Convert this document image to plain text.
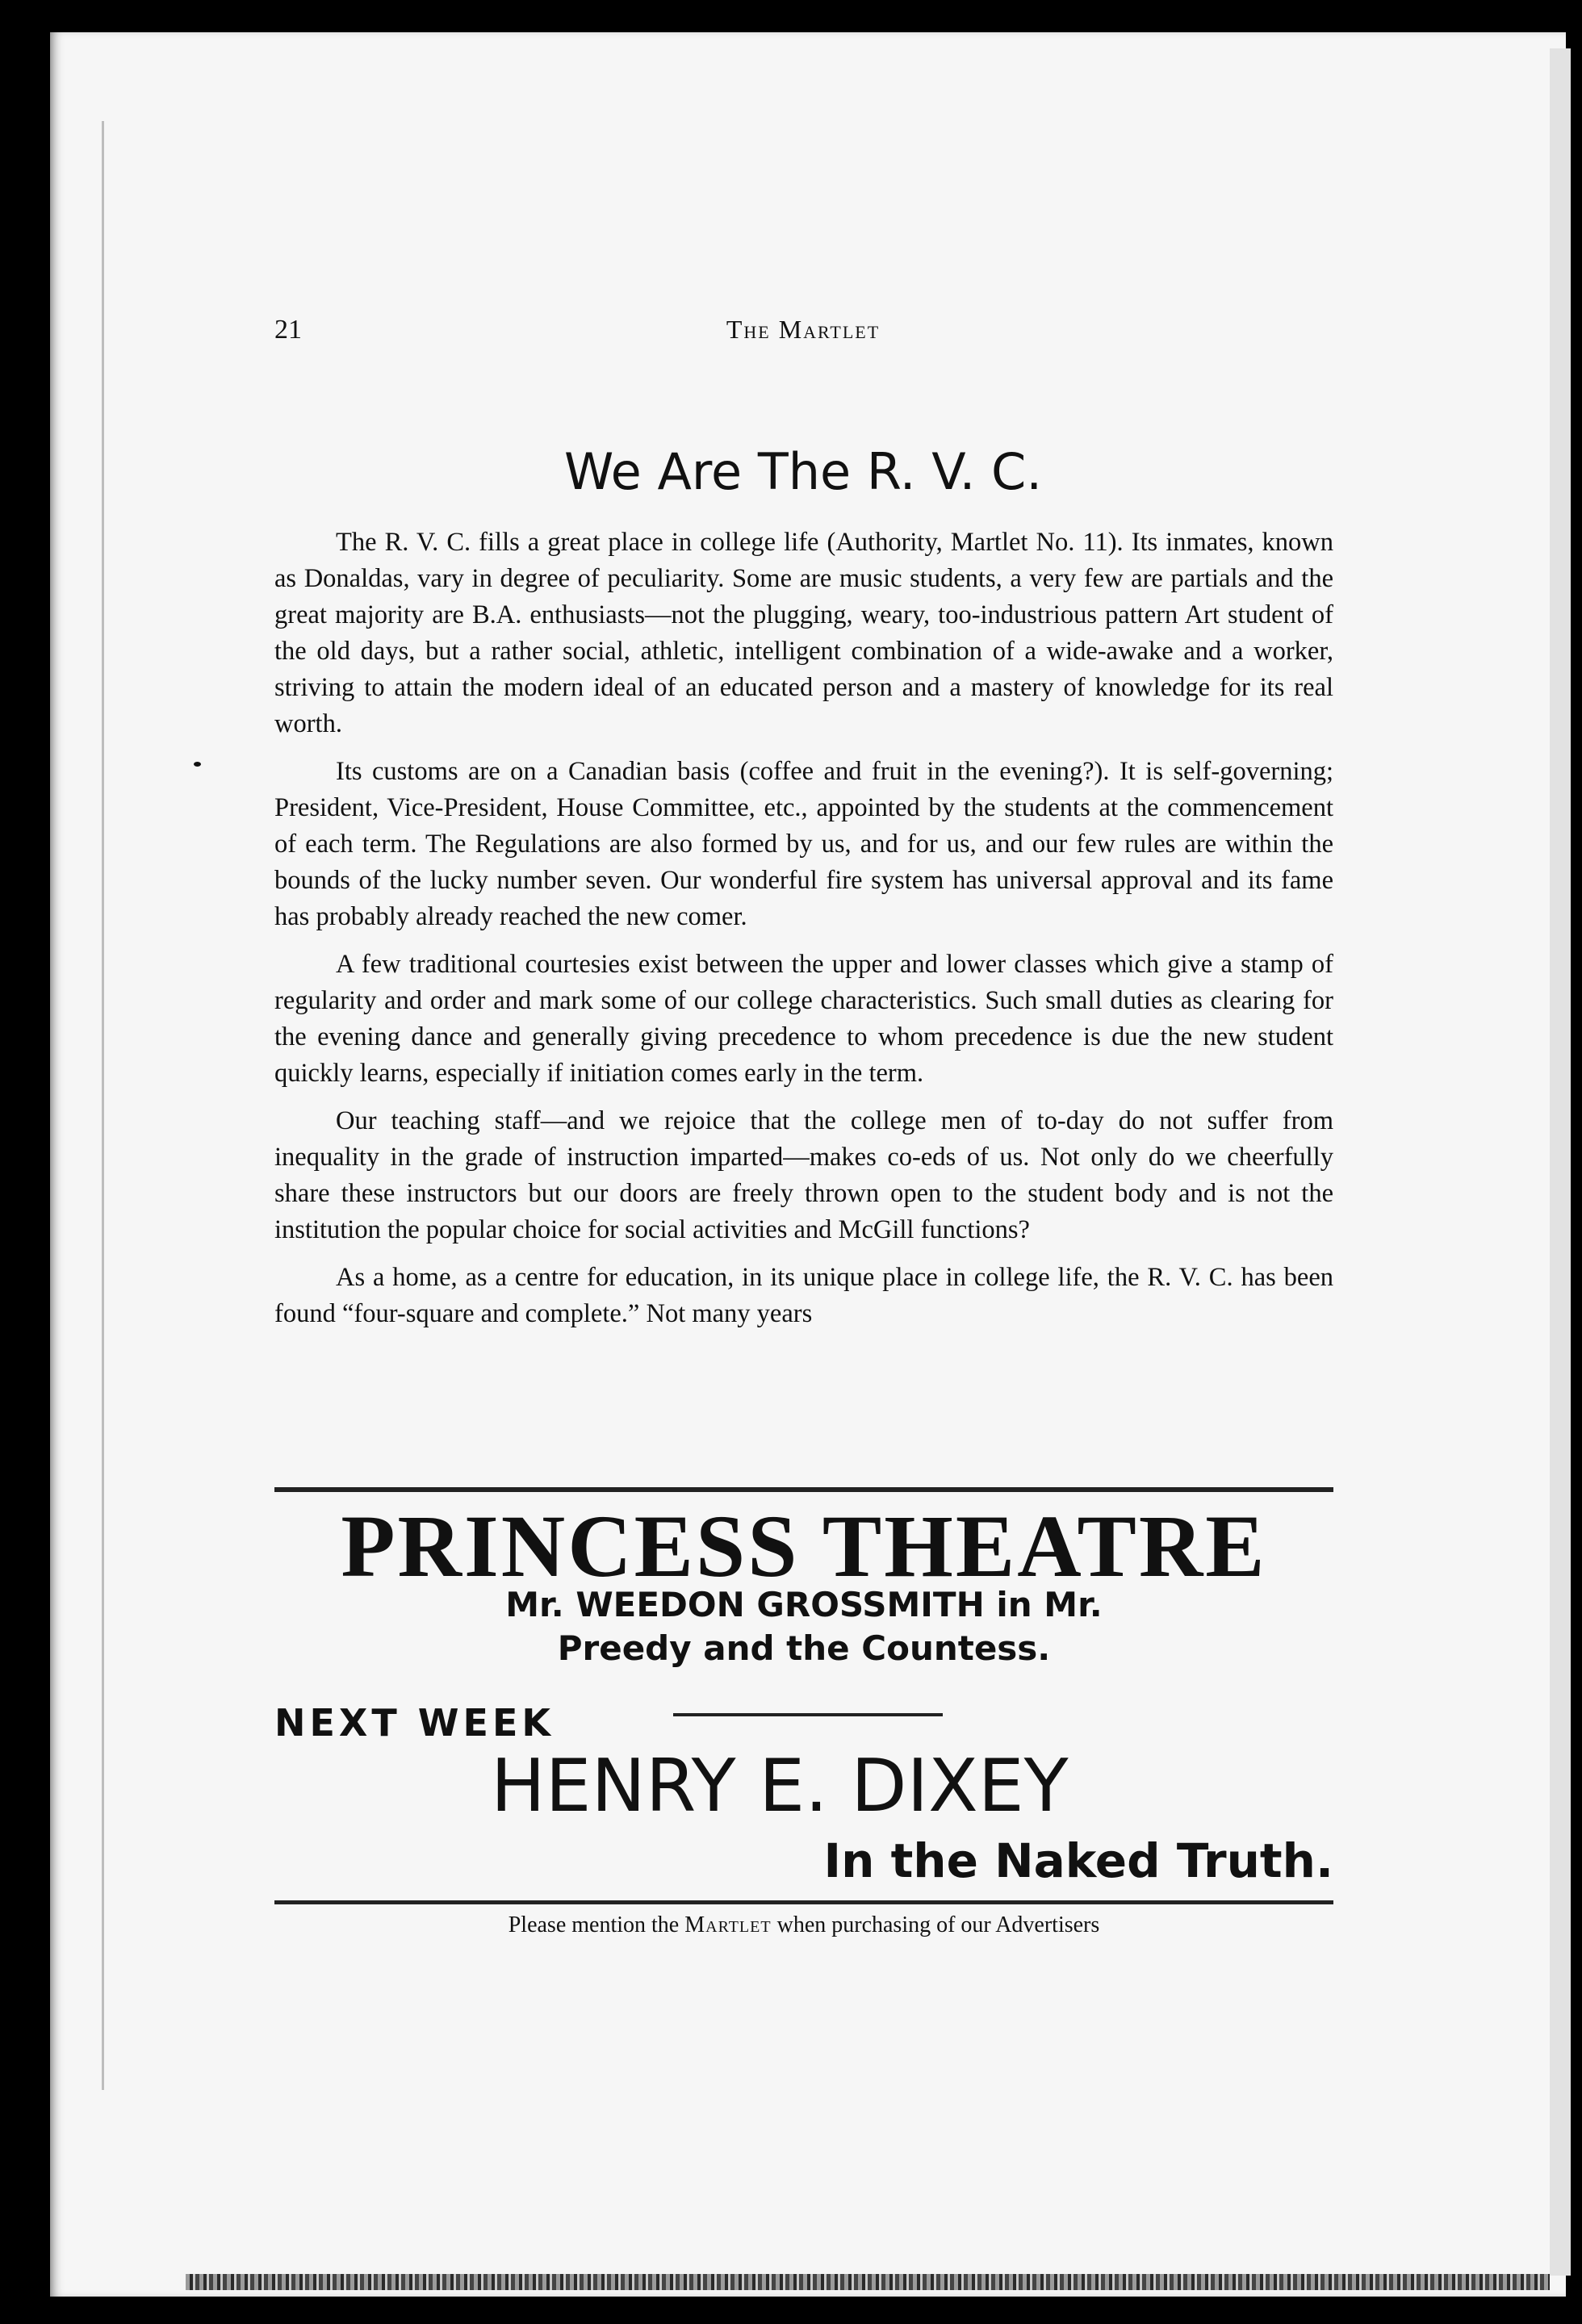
21	The Martlet
We Are The R. V. C.

The R. V. C. fills a great place in college life (Authority, Martlet No. 11). Its inmates, known as Donaldas, vary in degree of peculiarity. Some are music students, a very few are partials and the great majority are B.A. enthusiasts—not the plugging, weary, too-industrious pattern Art student of the old days, but a rather social, athletic, intelligent combination of a wide-awake and a worker, striving to attain the modern ideal of an educated person and a mastery of knowledge for its real worth.

Its customs are on a Canadian basis (coffee and fruit in the evening?). It is self-governing; President, Vice-President, House Committee, etc., appointed by the students at the commencement of each term. The Regulations are also formed by us, and for us, and our few rules are within the bounds of the lucky number seven. Our wonderful fire system has universal approval and its fame has probably already reached the new comer.

A few traditional courtesies exist between the upper and lower classes which give a stamp of regularity and order and mark some of our college characteristics. Such small duties as clearing for the evening dance and generally giving precedence to whom precedence is due the new student quickly learns, especially if initiation comes early in the term.

Our teaching staff—and we rejoice that the college men of to-day do not suffer from inequality in the grade of instruction imparted—makes co-eds of us. Not only do we cheerfully share these instructors but our doors are freely thrown open to the student body and is not the institution the popular choice for social activities and McGill functions?

As a home, as a centre for education, in its unique place in college life, the R. V. C. has been found “four-square and complete.” Not many years

PRINCESS THEATRE
Mr. WEEDON GROSSMITH in Mr.
Preedy and the Countess.
NEXT WEEK
HENRY E. DIXEY
In the Naked Truth.
Please mention the Martlet when purchasing of our Advertisers
